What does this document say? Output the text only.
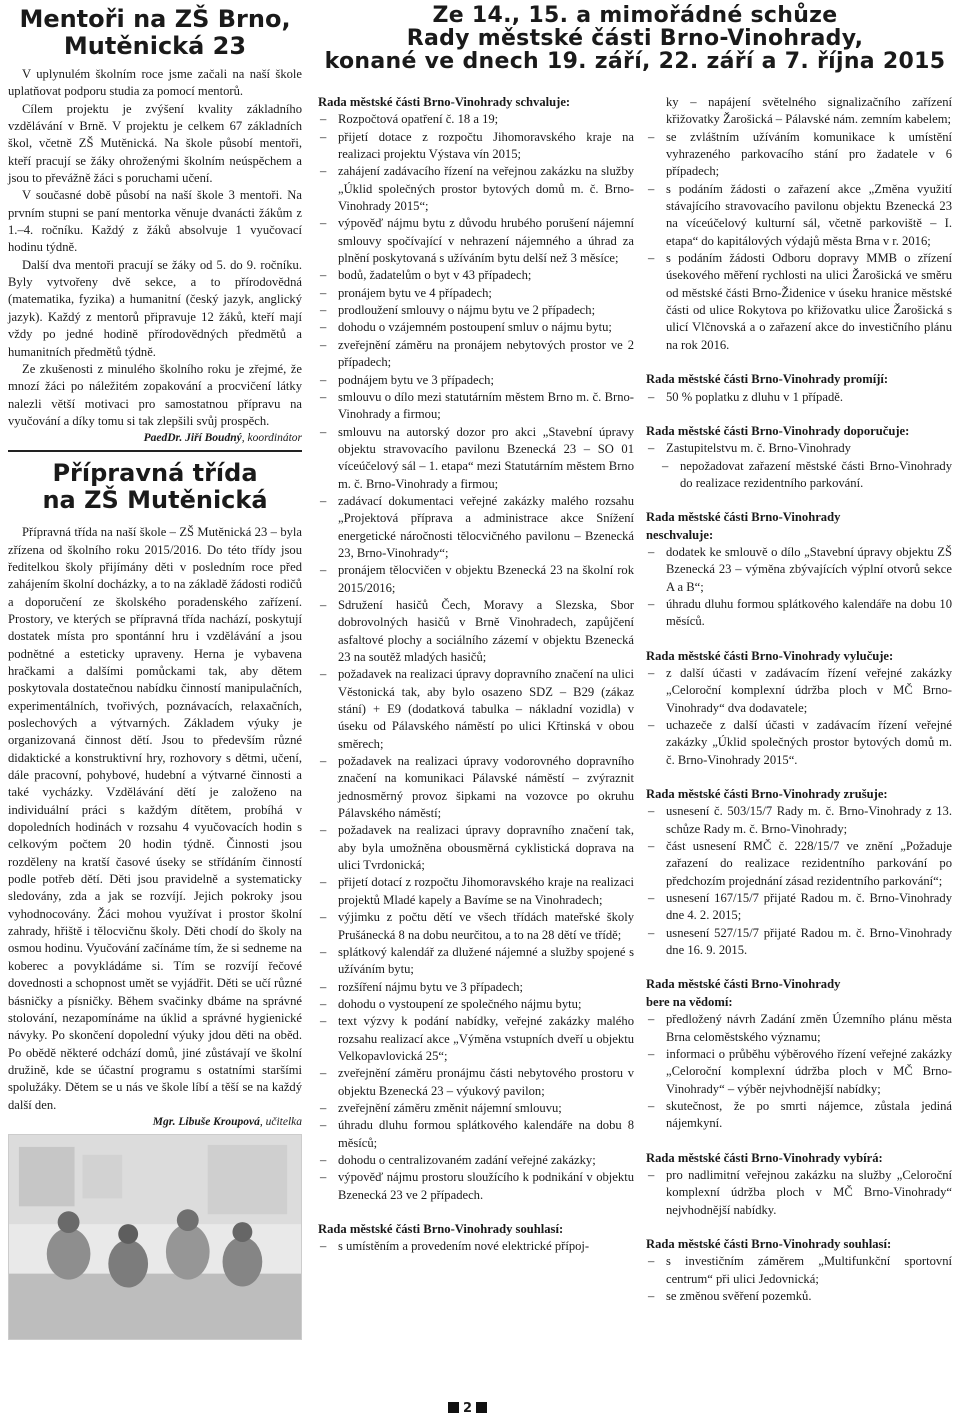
Ze 14., 15. a mimořádné schůze
Rady městské části Brno-Vinohrady,
konané ve dnech 19. září, 22. září a 7. října 2015
Mentoři na ZŠ Brno,
Mutěnická 23

V uplynulém školním roce jsme začali na naší škole uplatňovat podporu studia za pomocí mentorů.

Cílem projektu je zvýšení kvality základního vzdělávání v Brně. V projektu je celkem 67 základních škol, včetně ZŠ Mutěnická. Na škole působí mentoři, kteří pracují se žáky ohroženými školním neúspěchem a jsou to převážně žáci s poruchami učení.

V současné době působí na naší škole 3 mentoři. Na prvním stupni se paní mentorka věnuje dvanácti žákům z 1.–4. ročníku. Každý z žáků absolvuje 1 vyučovací hodinu týdně.

Další dva mentoři pracují se žáky od 5. do 9. ročníku. Byly vytvořeny dvě sekce, a to přírodovědná (matematika, fyzika) a humanitní (český jazyk, anglický jazyk). Každý z mentorů připravuje 12 žáků, kteří mají vždy po jedné hodině přírodovědných předmětů a humanitních předmětů týdně.

Ze zkušenosti z minulého školního roku je zřejmé, že mnozí žáci po náležitém zopakování a procvičení látky nalezli větší motivaci pro samostatnou přípravu na vyučování a díky tomu si tak zlepšili svůj prospěch.

PaedDr. Jiří Boudný, koordinátor
Přípravná třída
na ZŠ Mutěnická

Přípravná třída na naší škole – ZŠ Mutěnická 23 – byla zřízena od školního roku 2015/2016. Do této třídy jsou ředitelkou školy přijímány děti v posledním roce před zahájením školní docházky, a to na základě žádosti rodičů a doporučení ze školského poradenského zařízení. Prostory, ve kterých se přípravná třída nachází, poskytují dostatek místa pro spontánní hru i vzdělávání a jsou podnětné a esteticky upraveny. Herna je vybavena hračkami a dalšími pomůckami tak, aby dětem poskytovala dostatečnou nabídku činností manipulačních, experimentálních, tvořivých, poznávacích, relaxačních, poslechových a výtvarných. Základem výuky je organizovaná činnost dětí. Jsou to především různé didaktické a konstruktivní hry, rozhovory s dětmi, učení, dále pracovní, pohybové, hudební a výtvarné činnosti a také vycházky. Vzdělávání dětí je založeno na individuální práci s každým dítětem, probíhá v dopoledních hodinách v rozsahu 4 vyučovacích hodin s celkovým počtem 20 hodin týdně. Činnosti jsou rozděleny na kratší časové úseky se střídáním činností podle potřeb dětí. Děti jsou pravidelně a systematicky sledovány, zda a jak se rozvíjí. Jejich pokroky jsou vyhodnocovány. Žáci mohou využívat i prostor školní zahrady, hřiště i tělocvičnu školy. Děti chodí do školy na osmou hodinu. Vyučování začínáme tím, že si sedneme na koberec a povykládáme si. Tím se rozvíjí řečové dovednosti a schopnost umět se vyjádřit. Děti se učí různé básničky a písničky. Během svačinky dbáme na správné stolování, nezapomínáme na úklid a správné hygienické návyky. Po skončení dopolední výuky jdou děti na oběd. Po obědě některé odchází domů, jiné zůstávají ve školní družině, kde se účastní programu s ostatními staršími spolužáky. Dětem se u nás ve škole líbí a těší se na každý další den.

Mgr. Libuše Kroupová, učitelka
Rada městské části Brno-Vinohrady schvaluje:
– Rozpočtová opatření č. 18 a 19;
– přijetí dotace z rozpočtu Jihomoravského kraje na realizaci projektu Výstava vín 2015;
– zahájení zadávacího řízení na veřejnou zakázku na služby „Úklid společných prostor bytových domů m. č. Brno-Vinohrady 2015“;
– výpověď nájmu bytu z důvodu hrubého porušení nájemní smlouvy spočívající v nehrazení nájemného a úhrad za plnění poskytovaná s užíváním bytu delší než 3 měsíce;
– bodů, žadatelům o byt v 43 případech;
– pronájem bytu ve 4 případech;
– prodloužení smlouvy o nájmu bytu ve 2 případech;
– dohodu o vzájemném postoupení smluv o nájmu bytu;
– zveřejnění záměru na pronájem nebytových prostor ve 2 případech;
– podnájem bytu ve 3 případech;
– smlouvu o dílo mezi statutárním městem Brno m. č. Brno-Vinohrady a firmou;
– smlouvu na autorský dozor pro akci „Stavební úpravy objektu stravovacího pavilonu Bzenecká 23 – SO 01 víceúčelový sál – 1. etapa“ mezi Statutárním městem Brno m. č. Brno-Vinohrady a firmou;
– zadávací dokumentaci veřejné zakázky malého rozsahu „Projektová příprava a administrace akce Snížení energetické náročnosti tělocvičného pavilonu – Bzenecká 23, Brno-Vinohrady“;
– pronájem tělocvičen v objektu Bzenecká 23 na školní rok 2015/2016;
– Sdružení hasičů Čech, Moravy a Slezska, Sbor dobrovolných hasičů v Brně Vinohradech, zapůjčení asfaltové plochy a sociálního zázemí v objektu Bzenecká 23 na soutěž mladých hasičů;
– požadavek na realizaci úpravy dopravního značení na ulici Věstonická tak, aby bylo osazeno SDZ – B29 (zákaz stání) + E9 (dodatková tabulka – nákladní vozidla) v úseku od Pálavského náměstí po ulici Křtinská v obou směrech;
– požadavek na realizaci úpravy vodorovného dopravního značení na komunikaci Pálavské náměstí – zvýraznit jednosměrný provoz šipkami na vozovce po okruhu Pálavského náměstí;
– požadavek na realizaci úpravy dopravního značení tak, aby byla umožněna obousměrná cyklistická doprava na ulici Tvrdonická;
– přijetí dotací z rozpočtu Jihomoravského kraje na realizaci projektů Mladé kapely a Bavíme se na Vinohradech;
– výjimku z počtu dětí ve všech třídách mateřské školy Prušánecká 8 na dobu neurčitou, a to na 28 dětí ve třídě;
– splátkový kalendář za dlužené nájemné a služby spojené s užíváním bytu;
– rozšíření nájmu bytu ve 3 případech;
– dohodu o vystoupení ze společného nájmu bytu;
– text výzvy k podání nabídky, veřejné zakázky malého rozsahu realizací akce „Výměna vstupních dveří u objektu Velkopavlovická 25“;
– zveřejnění záměru pronájmu části nebytového prostoru v objektu Bzenecká 23 – výukový pavilon;
– zveřejnění záměru změnit nájemní smlouvu;
– úhradu dluhu formou splátkového kalendáře na dobu 8 měsíců;
– dohodu o centralizovaném zadání veřejné zakázky;
– výpověď nájmu prostoru sloužícího k podnikání v objektu Bzenecká 23 ve 2 případech.
Rada městské části Brno-Vinohrady souhlasí:
– s umístěním a provedením nové elektrické přípoj-
ky – napájení světelného signalizačního zařízení křižovatky Žarošická – Pálavské nám. zemním kabelem;
– se zvláštním užíváním komunikace k umístění vyhrazeného parkovacího stání pro žadatele v 6 případech;
– s podáním žádosti o zařazení akce „Změna využití stávajícího stravovacího pavilonu objektu Bzenecká 23 na víceúčelový kulturní sál, včetně parkoviště – I. etapa“ do kapitálových výdajů města Brna v r. 2016;
– s podáním žádosti Odboru dopravy MMB o zřízení úsekového měření rychlosti na ulici Žarošická ve směru od městské části Brno-Židenice v úseku hranice městské části od ulice Rokytova po křižovatku ulice Žarošická s ulicí Vlčnovská a o zařazení akce do investičního plánu na rok 2016.
Rada městské části Brno-Vinohrady promíjí:
– 50 % poplatku z dluhu v 1 případě.
Rada městské části Brno-Vinohrady doporučuje:
– Zastupitelstvu m. č. Brno-Vinohrady
– nepožadovat zařazení městské části Brno-Vinohrady do realizace rezidentního parkování.
Rada městské části Brno-Vinohrady
neschvaluje:
– dodatek ke smlouvě o dílo „Stavební úpravy objektu ZŠ Bzenecká 23 – výměna zbývajících výplní otvorů sekce A a B“;
– úhradu dluhu formou splátkového kalendáře na dobu 10 měsíců.
Rada městské části Brno-Vinohrady vylučuje:
– z další účasti v zadávacím řízení veřejné zakázky „Celoroční komplexní údržba ploch v MČ Brno-Vinohrady“ dva dodavatele;
– uchazeče z další účasti v zadávacím řízení veřejné zakázky „Úklid společných prostor bytových domů m. č. Brno-Vinohrady 2015“.
Rada městské části Brno-Vinohrady zrušuje:
– usnesení č. 503/15/7 Rady m. č. Brno-Vinohrady z 13. schůze Rady m. č. Brno-Vinohrady;
– část usnesení RMČ č. 228/15/7 ve znění „Požaduje zařazení do realizace rezidentního parkování po předchozím projednání zásad rezidentního parkování“;
– usnesení 167/15/7 přijaté Radou m. č. Brno-Vinohrady dne 4. 2. 2015;
– usnesení 527/15/7 přijaté Radou m. č. Brno-Vinohrady dne 16. 9. 2015.
Rada městské části Brno-Vinohrady
bere na vědomí:
– předložený návrh Zadání změn Územního plánu města Brna celoměstského významu;
– informaci o průběhu výběrového řízení veřejné zakázky „Celoroční komplexní údržba ploch v MČ Brno-Vinohrady“ – výběr nejvhodnější nabídky;
– skutečnost, že po smrti nájemce, zůstala jediná nájemkyní.
Rada městské části Brno-Vinohrady vybírá:
– pro nadlimitní veřejnou zakázku na služby „Celoroční komplexní údržba ploch v MČ Brno-Vinohrady“ nejvhodnější nabídky.
Rada městské části Brno-Vinohrady souhlasí:
– s investičním záměrem „Multifunkční sportovní centrum“ při ulici Jedovnická;
– se změnou svěření pozemků.
2
